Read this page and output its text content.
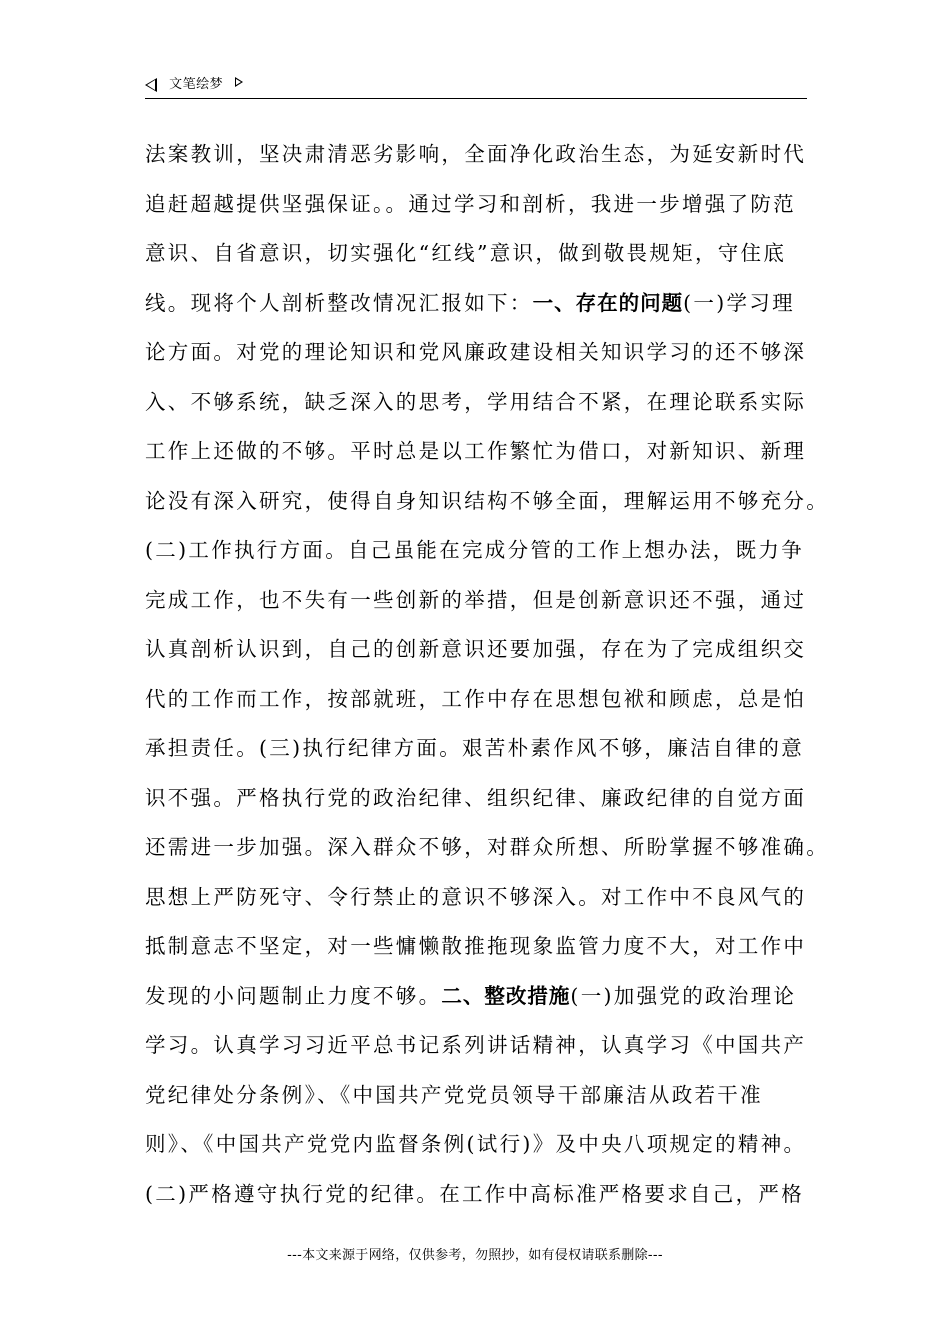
文笔绘梦
法案教训，坚决肃清恶劣影响，全面净化政治生态，为延安新时代
追赶超越提供坚强保证。。通过学习和剖析，我进一步增强了防范
意识、自省意识，切实强化“红线”意识，做到敬畏规矩，守住底
线。现将个人剖析整改情况汇报如下：一、存在的问题(一)学习理
论方面。对党的理论知识和党风廉政建设相关知识学习的还不够深
入、不够系统，缺乏深入的思考，学用结合不紧，在理论联系实际
工作上还做的不够。平时总是以工作繁忙为借口，对新知识、新理
论没有深入研究，使得自身知识结构不够全面，理解运用不够充分。
(二)工作执行方面。自己虽能在完成分管的工作上想办法，既力争
完成工作，也不失有一些创新的举措，但是创新意识还不强，通过
认真剖析认识到，自己的创新意识还要加强，存在为了完成组织交
代的工作而工作，按部就班，工作中存在思想包袱和顾虑，总是怕
承担责任。(三)执行纪律方面。艰苦朴素作风不够，廉洁自律的意
识不强。严格执行党的政治纪律、组织纪律、廉政纪律的自觉方面
还需进一步加强。深入群众不够，对群众所想、所盼掌握不够准确。
思想上严防死守、令行禁止的意识不够深入。对工作中不良风气的
抵制意志不坚定，对一些慵懒散推拖现象监管力度不大，对工作中
发现的小问题制止力度不够。二、整改措施(一)加强党的政治理论
学习。认真学习习近平总书记系列讲话精神，认真学习《中国共产
党纪律处分条例》、《中国共产党党员领导干部廉洁从政若干准
则》、《中国共产党党内监督条例(试行)》及中央八项规定的精神。
(二)严格遵守执行党的纪律。在工作中高标准严格要求自己，严格
---本文来源于网络，仅供参考，勿照抄，如有侵权请联系删除---
